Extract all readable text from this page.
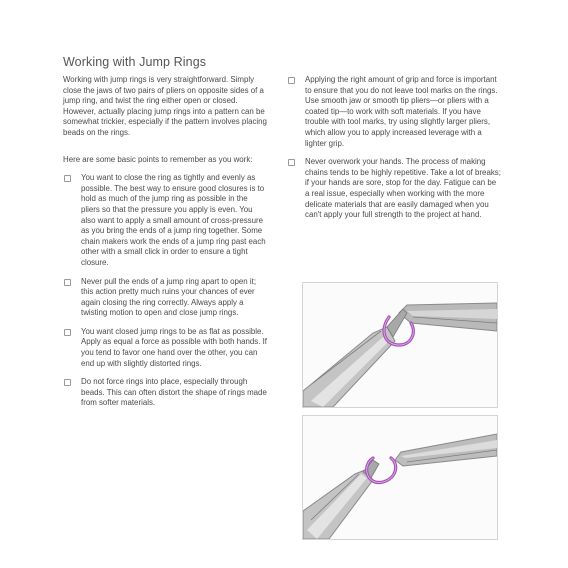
Working with Jump Rings

Working with jump rings is very straightforward. Simply close the jaws of two pairs of pliers on opposite sides of a jump ring, and twist the ring either open or closed. However, actually placing jump rings into a pattern can be somewhat trickier, especially if the pattern involves placing beads on the rings.

Here are some basic points to remember as you work:

You want to close the ring as tightly and evenly as possible. The best way to ensure good closures is to hold as much of the jump ring as possible in the pliers so that the pressure you apply is even. You also want to apply a small amount of cross-pressure as you bring the ends of a jump ring together. Some chain makers work the ends of a jump ring past each other with a small click in order to ensure a tight closure.

Never pull the ends of a jump ring apart to open it; this action pretty much ruins your chances of ever again closing the ring correctly. Always apply a twisting motion to open and close jump rings.

You want closed jump rings to be as flat as possible. Apply as equal a force as possible with both hands. If you tend to favor one hand over the other, you can end up with slightly distorted rings.

Do not force rings into place, especially through beads. This can often distort the shape of rings made from softer materials.

Applying the right amount of grip and force is important to ensure that you do not leave tool marks on the rings. Use smooth jaw or smooth tip pliers—or pliers with a coated tip—to work with soft materials. If you have trouble with tool marks, try using slightly larger pliers, which allow you to apply increased leverage with a lighter grip.

Never overwork your hands. The process of making chains tends to be highly repetitive. Take a lot of breaks; if your hands are sore, stop for the day. Fatigue can be a real issue, especially when working with the more delicate materials that are easily damaged when you can't apply your full strength to the project at hand.
